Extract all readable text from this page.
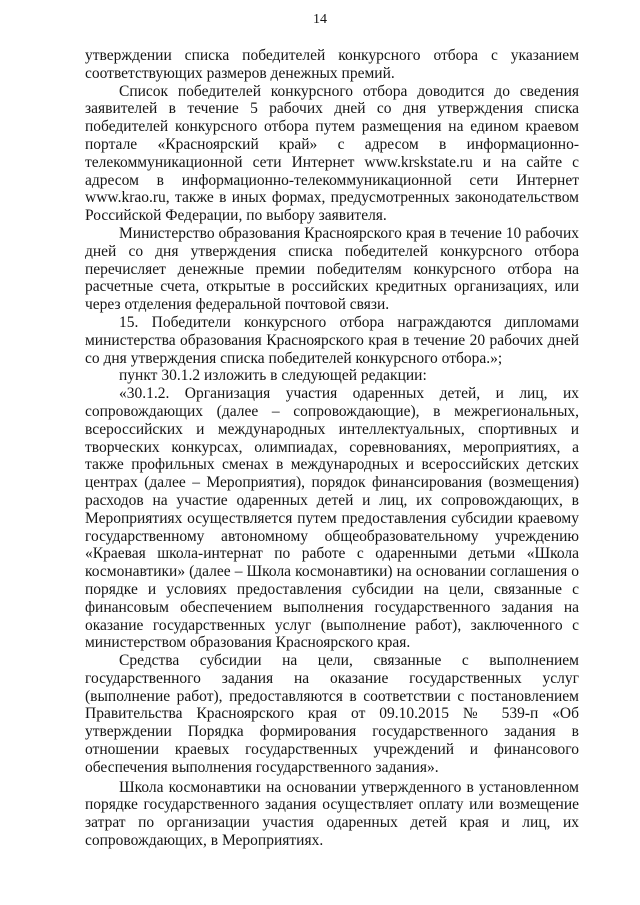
14

утверждении списка победителей конкурсного отбора с указанием соответствующих размеров денежных премий.

Список победителей конкурсного отбора доводится до сведения заявителей в течение 5 рабочих дней со дня утверждения списка победителей конкурсного отбора путем размещения на едином краевом портале «Красноярский край» с адресом в информационно-телекоммуникационной сети Интернет www.krskstate.ru и на сайте с адресом в информационно-телекоммуникационной сети Интернет www.krao.ru, также в иных формах, предусмотренных законодательством Российской Федерации, по выбору заявителя.

Министерство образования Красноярского края в течение 10 рабочих дней со дня утверждения списка победителей конкурсного отбора перечисляет денежные премии победителям конкурсного отбора на расчетные счета, открытые в российских кредитных организациях, или через отделения федеральной почтовой связи.

15. Победители конкурсного отбора награждаются дипломами министерства образования Красноярского края в течение 20 рабочих дней со дня утверждения списка победителей конкурсного отбора.»;

пункт 30.1.2 изложить в следующей редакции:

«30.1.2. Организация участия одаренных детей, и лиц, их сопровождающих (далее – сопровождающие), в межрегиональных, всероссийских и международных интеллектуальных, спортивных и творческих конкурсах, олимпиадах, соревнованиях, мероприятиях, а также профильных сменах в международных и всероссийских детских центрах (далее – Мероприятия), порядок финансирования (возмещения) расходов на участие одаренных детей и лиц, их сопровождающих, в Мероприятиях осуществляется путем предоставления субсидии краевому государственному автономному общеобразовательному учреждению «Краевая школа-интернат по работе с одаренными детьми «Школа космонавтики» (далее – Школа космонавтики) на основании соглашения о порядке и условиях предоставления субсидии на цели, связанные с финансовым обеспечением выполнения государственного задания на оказание государственных услуг (выполнение работ), заключенного с министерством образования Красноярского края.

Средства субсидии на цели, связанные с выполнением государственного задания на оказание государственных услуг (выполнение работ), предоставляются в соответствии с постановлением Правительства Красноярского края от 09.10.2015 № 539-п «Об утверждении Порядка формирования государственного задания в отношении краевых государственных учреждений и финансового обеспечения выполнения государственного задания».

Школа космонавтики на основании утвержденного в установленном порядке государственного задания осуществляет оплату или возмещение затрат по организации участия одаренных детей края и лиц, их сопровождающих, в Мероприятиях.
